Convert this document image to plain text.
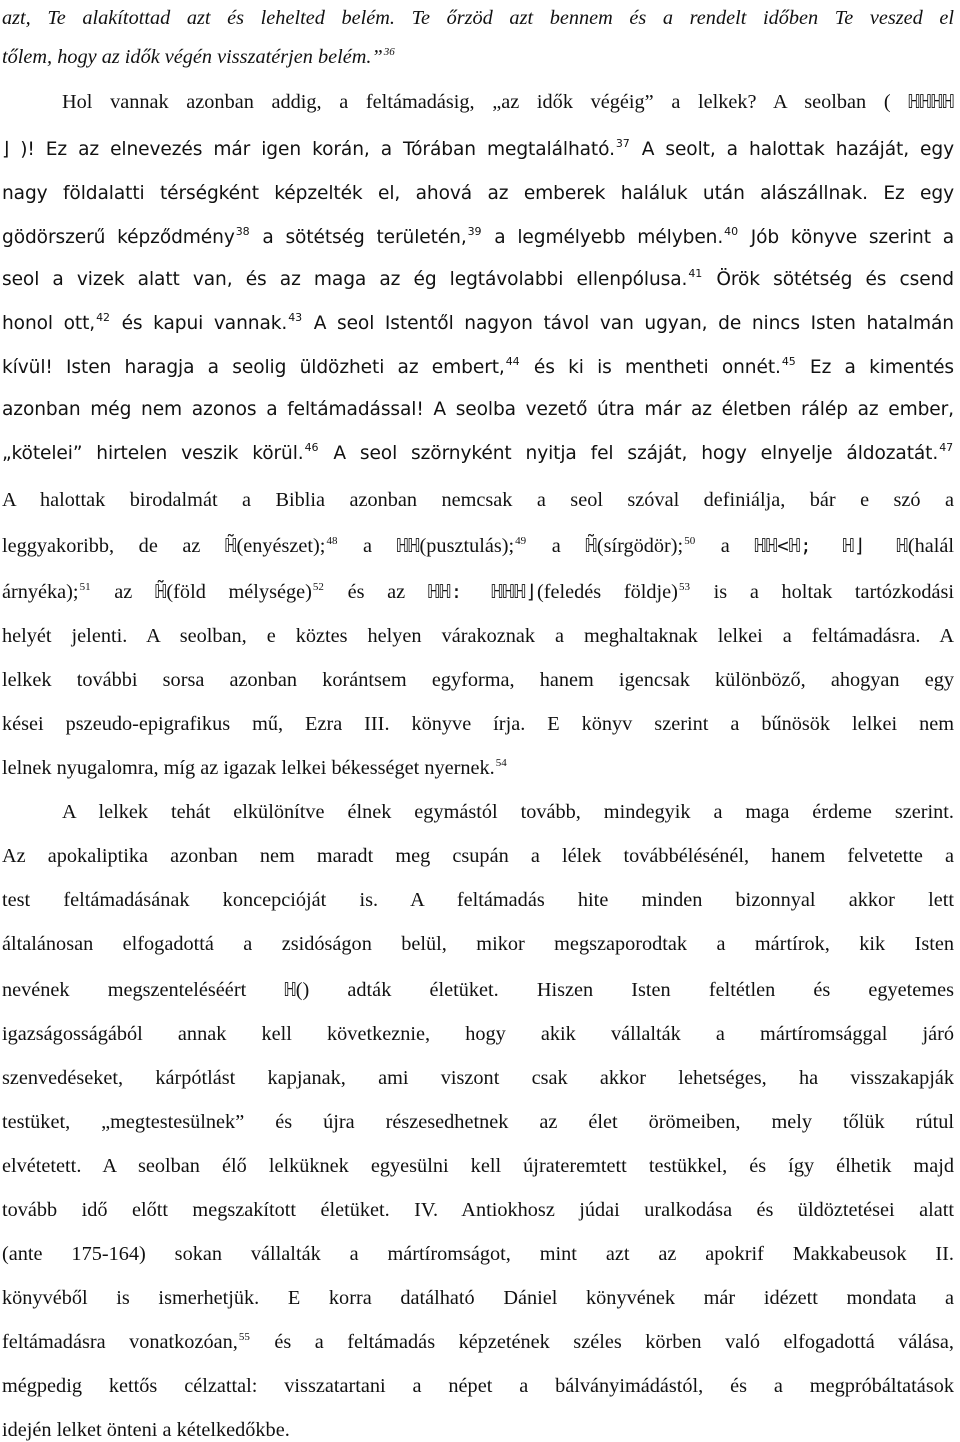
azt, Te alakítottad azt és lehelted belém. Te őrzöd azt bennem és a rendelt időben Te veszed el
tőlem, hogy az idők végén visszatérjen belém.”$^{36}$
Hol vannak azonban addig, a feltámadásig, „az idők végéig” a lelkek? A seolban ( ℍℍℍℍ
⌋ )! Ez az elnevezés már igen korán, a Tórában megtalálható.$^{37}$ A seolt, a halottak hazáját, egy
nagy földalatti térségként képzelték el, ahová az emberek haláluk után alászállnak. Ez egy
gödörszerű képződmény$^{38}$ a sötétség területén,$^{39}$ a legmélyebb mélyben.$^{40}$ Jób könyve szerint a
seol a vizek alatt van, és az maga az ég legtávolabbi ellenpólusa.$^{41}$ Örök sötétség és csend
honol ott,$^{42}$ és kapui vannak.$^{43}$ A seol Istentől nagyon távol van ugyan, de nincs Isten hatalmán
kívül! Isten haragja a seolig üldözheti az embert,$^{44}$ és ki is mentheti onnét.$^{45}$ Ez a kimentés
azonban még nem azonos a feltámadással! A seolba vezető útra már az életben rálép az ember,
„kötelei” hirtelen veszik körül.$^{46}$ A seol szörnyként nyitja fel száját, hogy elnyelje áldozatát.$^{47}$
A halottak birodalmát a Biblia azonban nemcsak a seol szóval definiálja, bár e szó a
leggyakoribb, de az ℍ̃(enyészet);$^{48}$ a ℍℍ(pusztulás);$^{49}$ a ℍ̃(sírgödör);$^{50}$ a ℍℍ<ℍ; ℍ⌋ ℍ(halál
árnyéka);$^{51}$ az ℍ̃(föld mélysége)$^{52}$ és az ℍℍ: ℍℍℍ⌋(feledés földje)$^{53}$ is a holtak tartózkodási
helyét jelenti. A seolban, e köztes helyen várakoznak a meghaltaknak lelkei a feltámadásra. A
lelkek további sorsa azonban korántsem egyforma, hanem igencsak különböző, ahogyan egy
kései pszeudo-epigrafikus mű, Ezra III. könyve írja. E könyv szerint a bűnösök lelkei nem
lelnek nyugalomra, míg az igazak lelkei békességet nyernek.$^{54}$
A lelkek tehát elkülönítve élnek egymástól tovább, mindegyik a maga érdeme szerint.
Az apokaliptika azonban nem maradt meg csupán a lélek továbbélésénél, hanem felvetette a
test feltámadásának koncepcióját is. A feltámadás hite minden bizonnyal akkor lett
általánosan elfogadottá a zsidóságon belül, mikor megszaporodtak a mártírok, kik Isten
nevének megszenteléséért ℍ() adták életüket. Hiszen Isten feltétlen és egyetemes
igazságosságából annak kell következnie, hogy akik vállalták a mártíromsággal járó
szenvedéseket, kárpótlást kapjanak, ami viszont csak akkor lehetséges, ha visszakapják
testüket, „megtestesülnek” és újra részesedhetnek az élet örömeiben, mely tőlük rútul
elvétetett. A seolban élő lelküknek egyesülni kell újrateremtett testükkel, és így élhetik majd
tovább idő előtt megszakított életüket. IV. Antiokhosz júdai uralkodása és üldöztetései alatt
(ante 175-164) sokan vállalták a mártíromságot, mint azt az apokrif Makkabeusok II.
könyvéből is ismerhetjük. E korra datálható Dániel könyvének már idézett mondata a
feltámadásra vonatkozóan,$^{55}$ és a feltámadás képzetének széles körben való elfogadottá válása,
mégpedig kettős célzattal: visszatartani a népet a bálványimádástól, és a megpróbáltatások
idején lelket önteni a kételkedőkbe.
